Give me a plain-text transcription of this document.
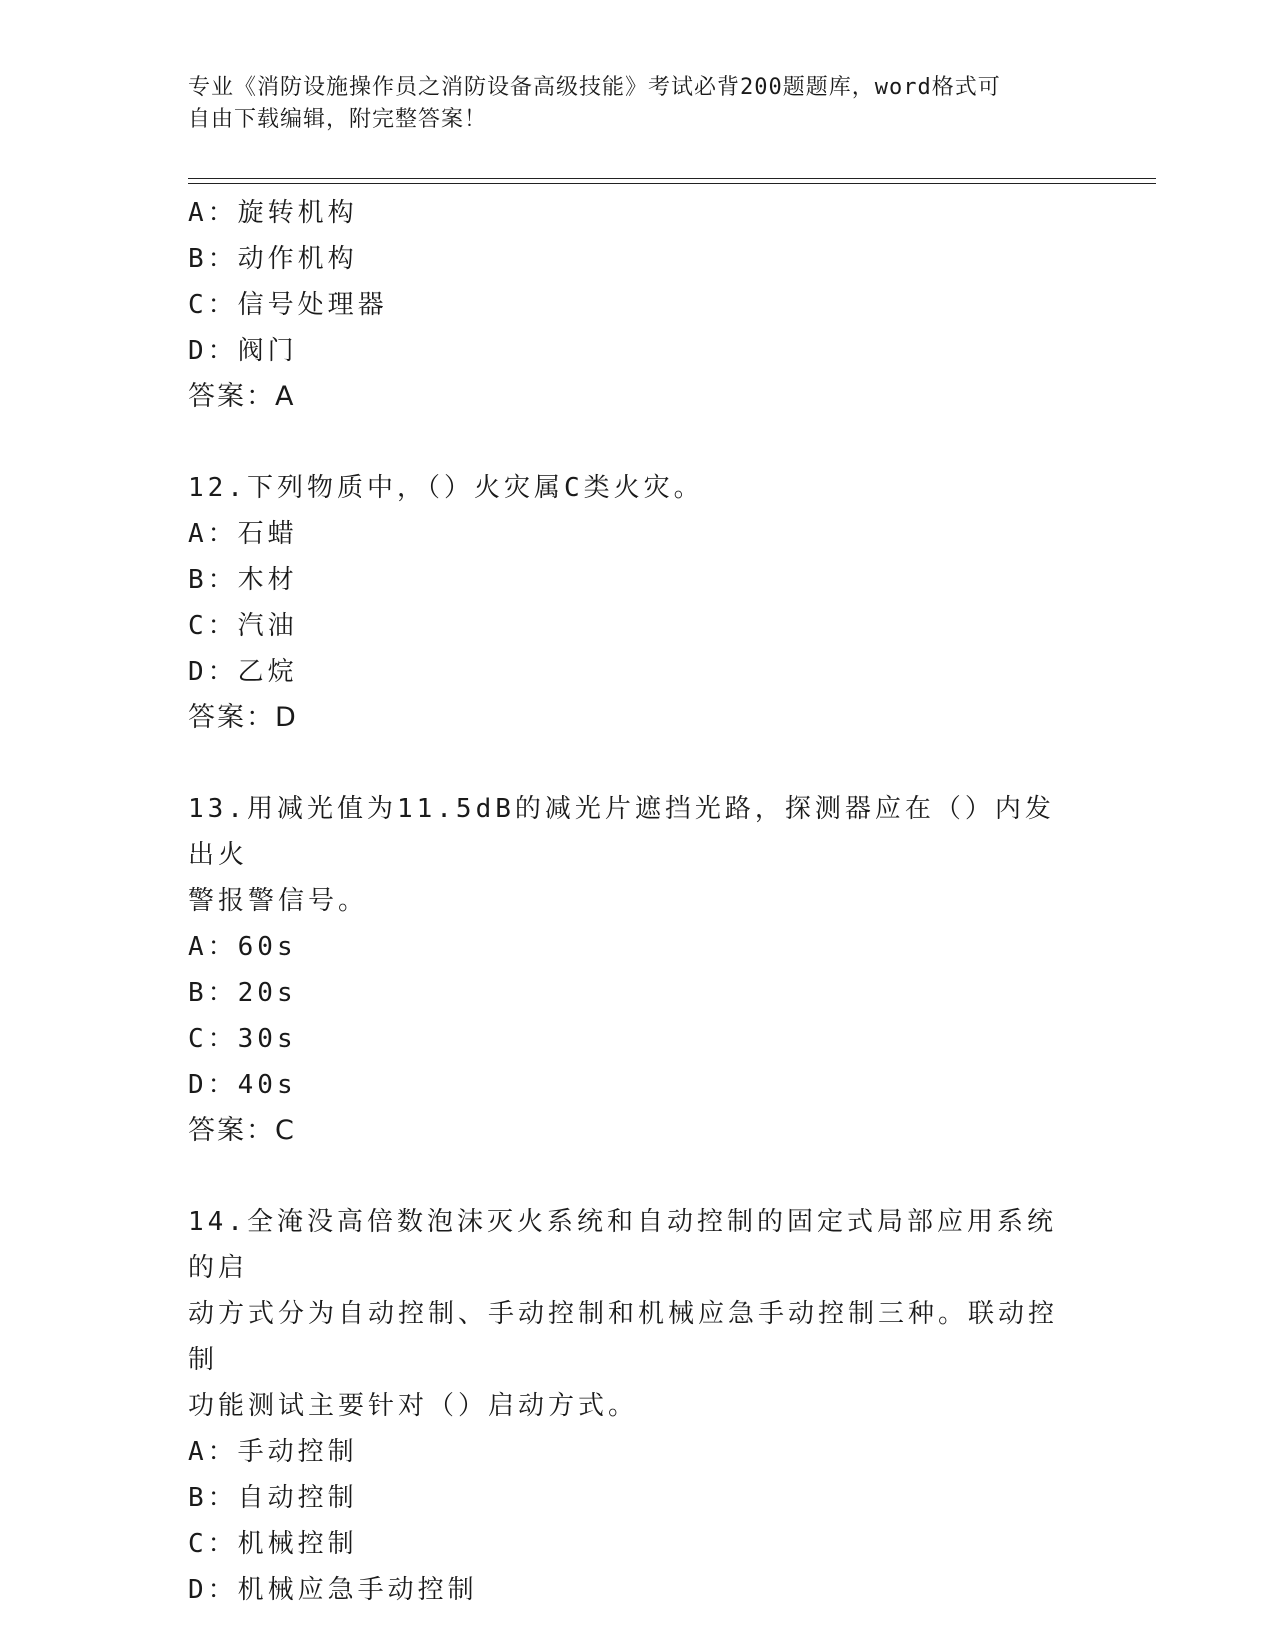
专业《消防设施操作员之消防设备高级技能》考试必背200题题库，word格式可
自由下载编辑，附完整答案！
A：旋转机构
B：动作机构
C：信号处理器
D：阀门
答案：A
12.下列物质中，（）火灾属C类火灾。
A：石蜡
B：木材
C：汽油
D：乙烷
答案：D
13.用减光值为11.5dB的减光片遮挡光路，探测器应在（）内发出火
警报警信号。
A：60s
B：20s
C：30s
D：40s
答案：C
14.全淹没高倍数泡沫灭火系统和自动控制的固定式局部应用系统的启
动方式分为自动控制、手动控制和机械应急手动控制三种。联动控制
功能测试主要针对（）启动方式。
A：手动控制
B：自动控制
C：机械控制
D：机械应急手动控制
